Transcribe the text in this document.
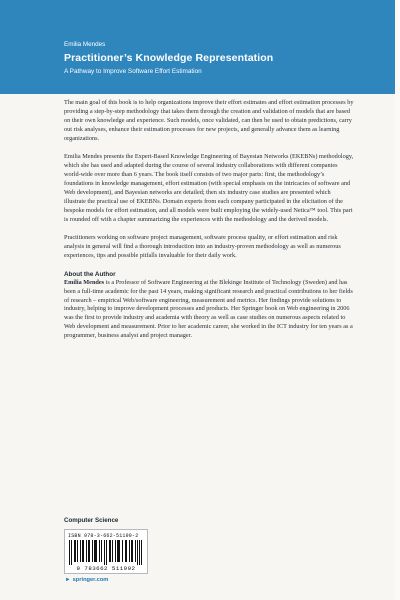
Emilia Mendes
Practitioner’s Knowledge Representation
A Pathway to Improve Software Effort Estimation

The main goal of this book is to help organizations improve their effort estimates and effort estimation processes by providing a step-by-step methodology that takes them through the creation and validation of models that are based on their own knowledge and experience. Such models, once validated, can then be used to obtain predictions, carry out risk analyses, enhance their estimation processes for new projects, and generally advance them as learning organizations.

Emilia Mendes presents the Expert-Based Knowledge Engineering of Bayesian Networks (EKEBNs) methodology, which she has used and adapted during the course of several industry collaborations with different companies world-wide over more than 6 years. The book itself consists of two major parts: first, the methodology’s foundations in knowledge management, effort estimation (with special emphasis on the intricacies of software and Web development), and Bayesian networks are detailed; then six industry case studies are presented which illustrate the practical use of EKEBNs. Domain experts from each company participated in the elicitation of the bespoke models for effort estimation, and all models were built employing the widely-used Netica™ tool. This part is rounded off with a chapter summarizing the experiences with the methodology and the derived models.

Practitioners working on software project management, software process quality, or effort estimation and risk analysis in general will find a thorough introduction into an industry-proven methodology as well as numerous experiences, tips and possible pitfalls invaluable for their daily work.

About the Author

Emilia Mendes is a Professor of Software Engineering at the Blekinge Institute of Technology (Sweden) and has been a full-time academic for the past 14 years, making significant research and practical contributions to her fields of research – empirical Web/software engineering, measurement and metrics. Her findings provide solutions to industry, helping to improve development processes and products. Her Springer book on Web engineering in 2006 was the first to provide industry and academia with theory as well as case studies on numerous aspects related to Web development and measurement. Prior to her academic career, she worked in the ICT industry for ten years as a programmer, business analyst and project manager.

Computer Science
ISBN 978-3-662-51199-2
9 783662 511992
► springer.com
